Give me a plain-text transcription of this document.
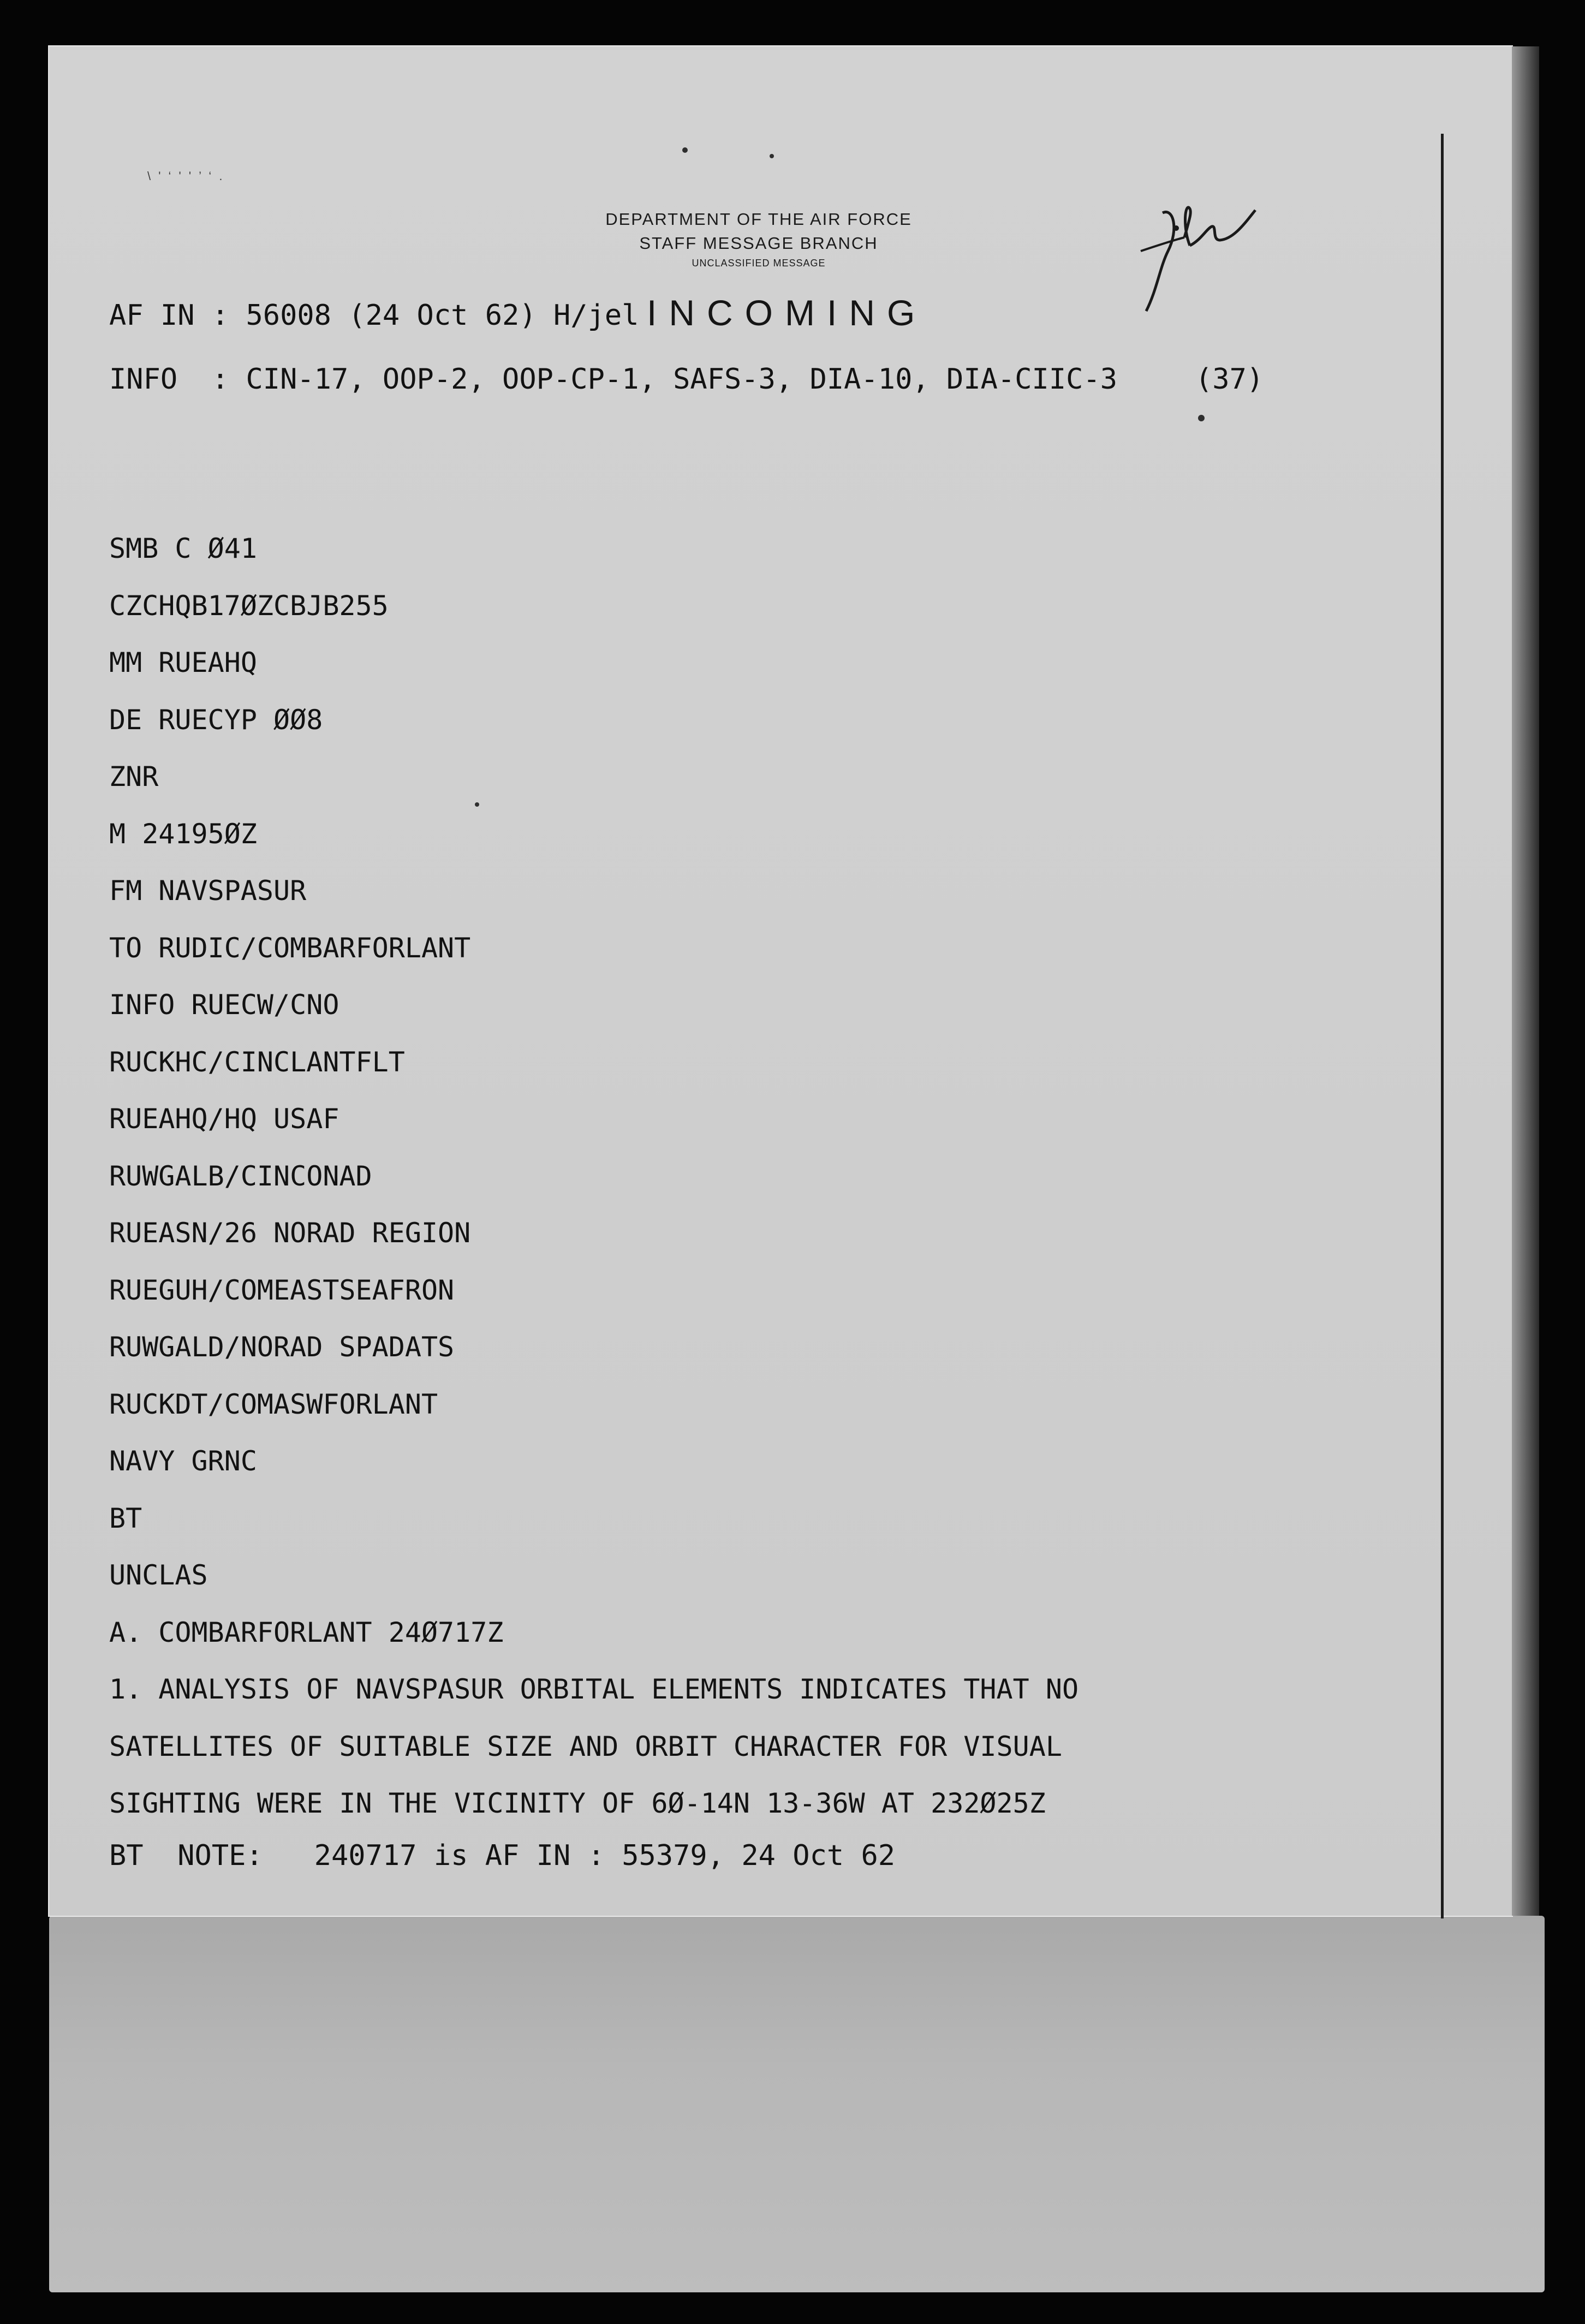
\ ' ‘ ' ' ’ ‘ .
DEPARTMENT OF THE AIR FORCE
STAFF MESSAGE BRANCH
UNCLASSIFIED MESSAGE
AF IN : 56008 (24 Oct 62) H/jel INCOMING
INFO  : CIN-17, OOP-2, OOP-CP-1, SAFS-3, DIA-10, DIA-CIIC-3	(37)
SMB C Ø41
CZCHQB17ØZCBJB255
MM RUEAHQ
DE RUECYP ØØ8
ZNR
M 24195ØZ
FM NAVSPASUR
TO RUDIC/COMBARFORLANT
INFO RUECW/CNO
RUCKHC/CINCLANTFLT
RUEAHQ/HQ USAF
RUWGALB/CINCONAD
RUEASN/26 NORAD REGION
RUEGUH/COMEASTSEAFRON
RUWGALD/NORAD SPADATS
RUCKDT/COMASWFORLANT
NAVY GRNC
BT
UNCLAS
A. COMBARFORLANT 24Ø717Z
1. ANALYSIS OF NAVSPASUR ORBITAL ELEMENTS INDICATES THAT NO
SATELLITES OF SUITABLE SIZE AND ORBIT CHARACTER FOR VISUAL
SIGHTING WERE IN THE VICINITY OF 6Ø-14N 13-36W AT 232Ø25Z
BT  NOTE:   240717 is AF IN : 55379, 24 Oct 62
